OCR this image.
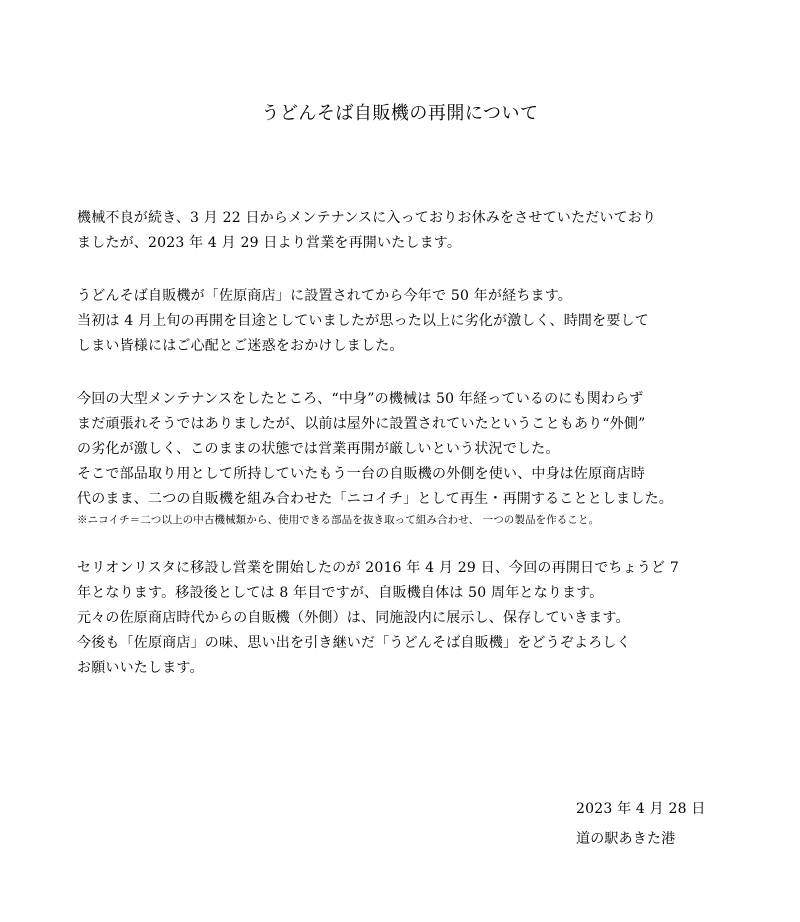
うどんそば自販機の再開について

機械不良が続き、3 月 22 日からメンテナンスに入っておりお休みをさせていただいており
ましたが、2023 年 4 月 29 日より営業を再開いたします。

うどんそば自販機が「佐原商店」に設置されてから今年で 50 年が経ちます。
当初は 4 月上旬の再開を目途としていましたが思った以上に劣化が激しく、時間を要して
しまい皆様にはご心配とご迷惑をおかけしました。

今回の大型メンテナンスをしたところ、“中身”の機械は 50 年経っているのにも関わらず
まだ頑張れそうではありましたが、以前は屋外に設置されていたということもあり“外側”
の劣化が激しく、このままの状態では営業再開が厳しいという状況でした。
そこで部品取り用として所持していたもう一台の自販機の外側を使い、中身は佐原商店時
代のまま、二つの自販機を組み合わせた「ニコイチ」として再生・再開することとしました。
※ニコイチ＝二つ以上の中古機械類から、使用できる部品を抜き取って組み合わせ、 一つの製品を作ること。

セリオンリスタに移設し営業を開始したのが 2016 年 4 月 29 日、今回の再開日でちょうど 7
年となります。移設後としては 8 年目ですが、自販機自体は 50 周年となります。
元々の佐原商店時代からの自販機（外側）は、同施設内に展示し、保存していきます。
今後も「佐原商店」の味、思い出を引き継いだ「うどんそば自販機」をどうぞよろしく
お願いいたします。

2023 年 4 月 28 日
道の駅あきた港
